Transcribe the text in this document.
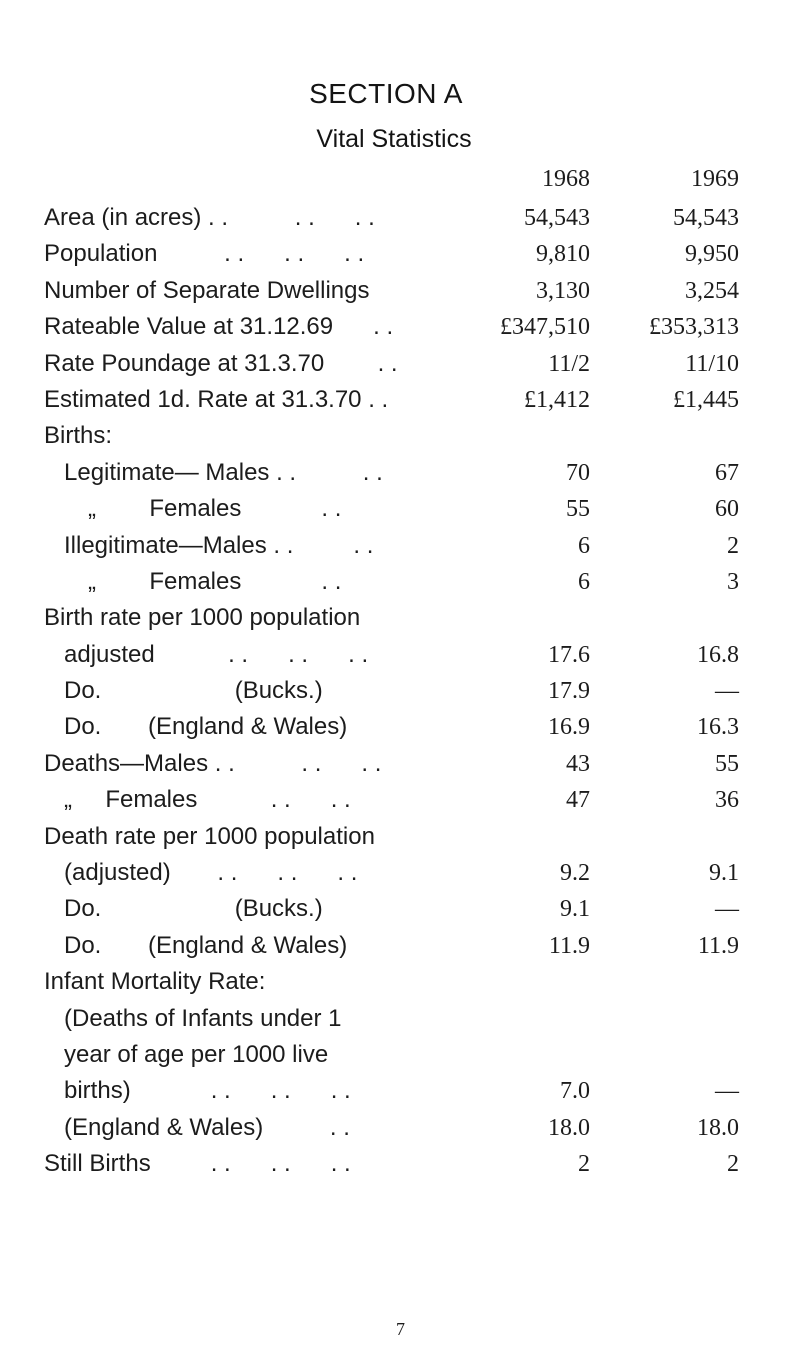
SECTION A
Vital Statistics
1968	1969
Area (in acres) . .          . .      . .	54,543	54,543
Population          . .      . .      . .	9,810	9,950
Number of Separate Dwellings	3,130	3,254
Rateable Value at 31.12.69      . .	£347,510 £353,313
Rate Poundage at 31.3.70        . .	11/2	11/10
Estimated 1d. Rate at 31.3.70 . .	£1,412	£1,445
Births:
Legitimate— Males . .          . .	70	67
„        Females            . .	55	60
Illegitimate—Males . .         . .	6	2
„        Females            . .	6	3
Birth rate per 1000 population
adjusted           . .      . .      . .	17.6	16.8
Do.                    (Bucks.)	17.9	—
Do.       (England & Wales)	16.9	16.3
Deaths—Males . .          . .      . .	43	55
„     Females           . .      . .	47	36
Death rate per 1000 population
(adjusted)       . .      . .      . .	9.2	9.1
Do.                    (Bucks.)	9.1	—
Do.       (England & Wales)	11.9	11.9
Infant Mortality Rate:
(Deaths of Infants under 1
year of age per 1000 live
births)            . .      . .      . .	7.0	—
(England & Wales)          . .	18.0	18.0
Still Births         . .      . .      . .	2	2
7
